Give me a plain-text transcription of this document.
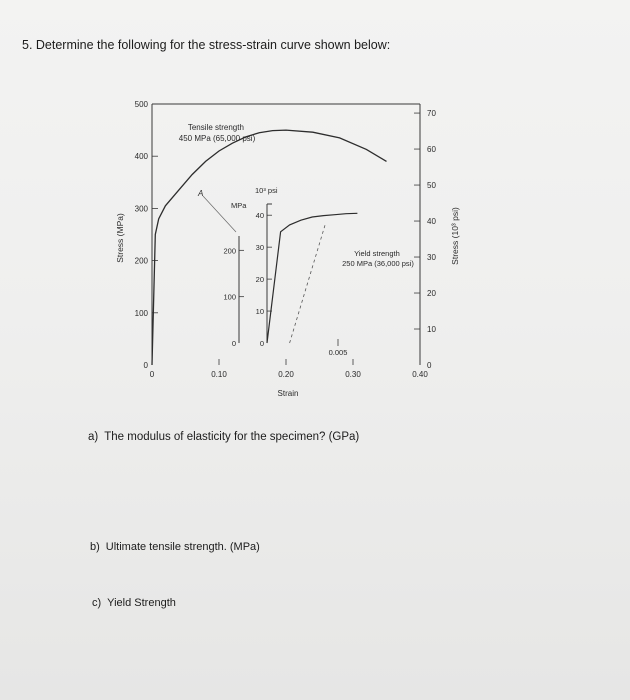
5. Determine the following for the stress-strain curve shown below:
0
100
200
300
400
500
0
10
20
30
40
50
60
70
0	0.10	0.20	0.30	0.40
Stress (MPa)	Stress (10³ psi)
Strain
Tensile strength 450 MPa (65,000 psi)
A
0
100
200
0
10
20
30
40
10³ psi
MPa
0.005
Yield strength 250 MPa (36,000 psi)
a) The modulus of elasticity for the specimen? (GPa)
b) Ultimate tensile strength. (MPa)
c) Yield Strength
